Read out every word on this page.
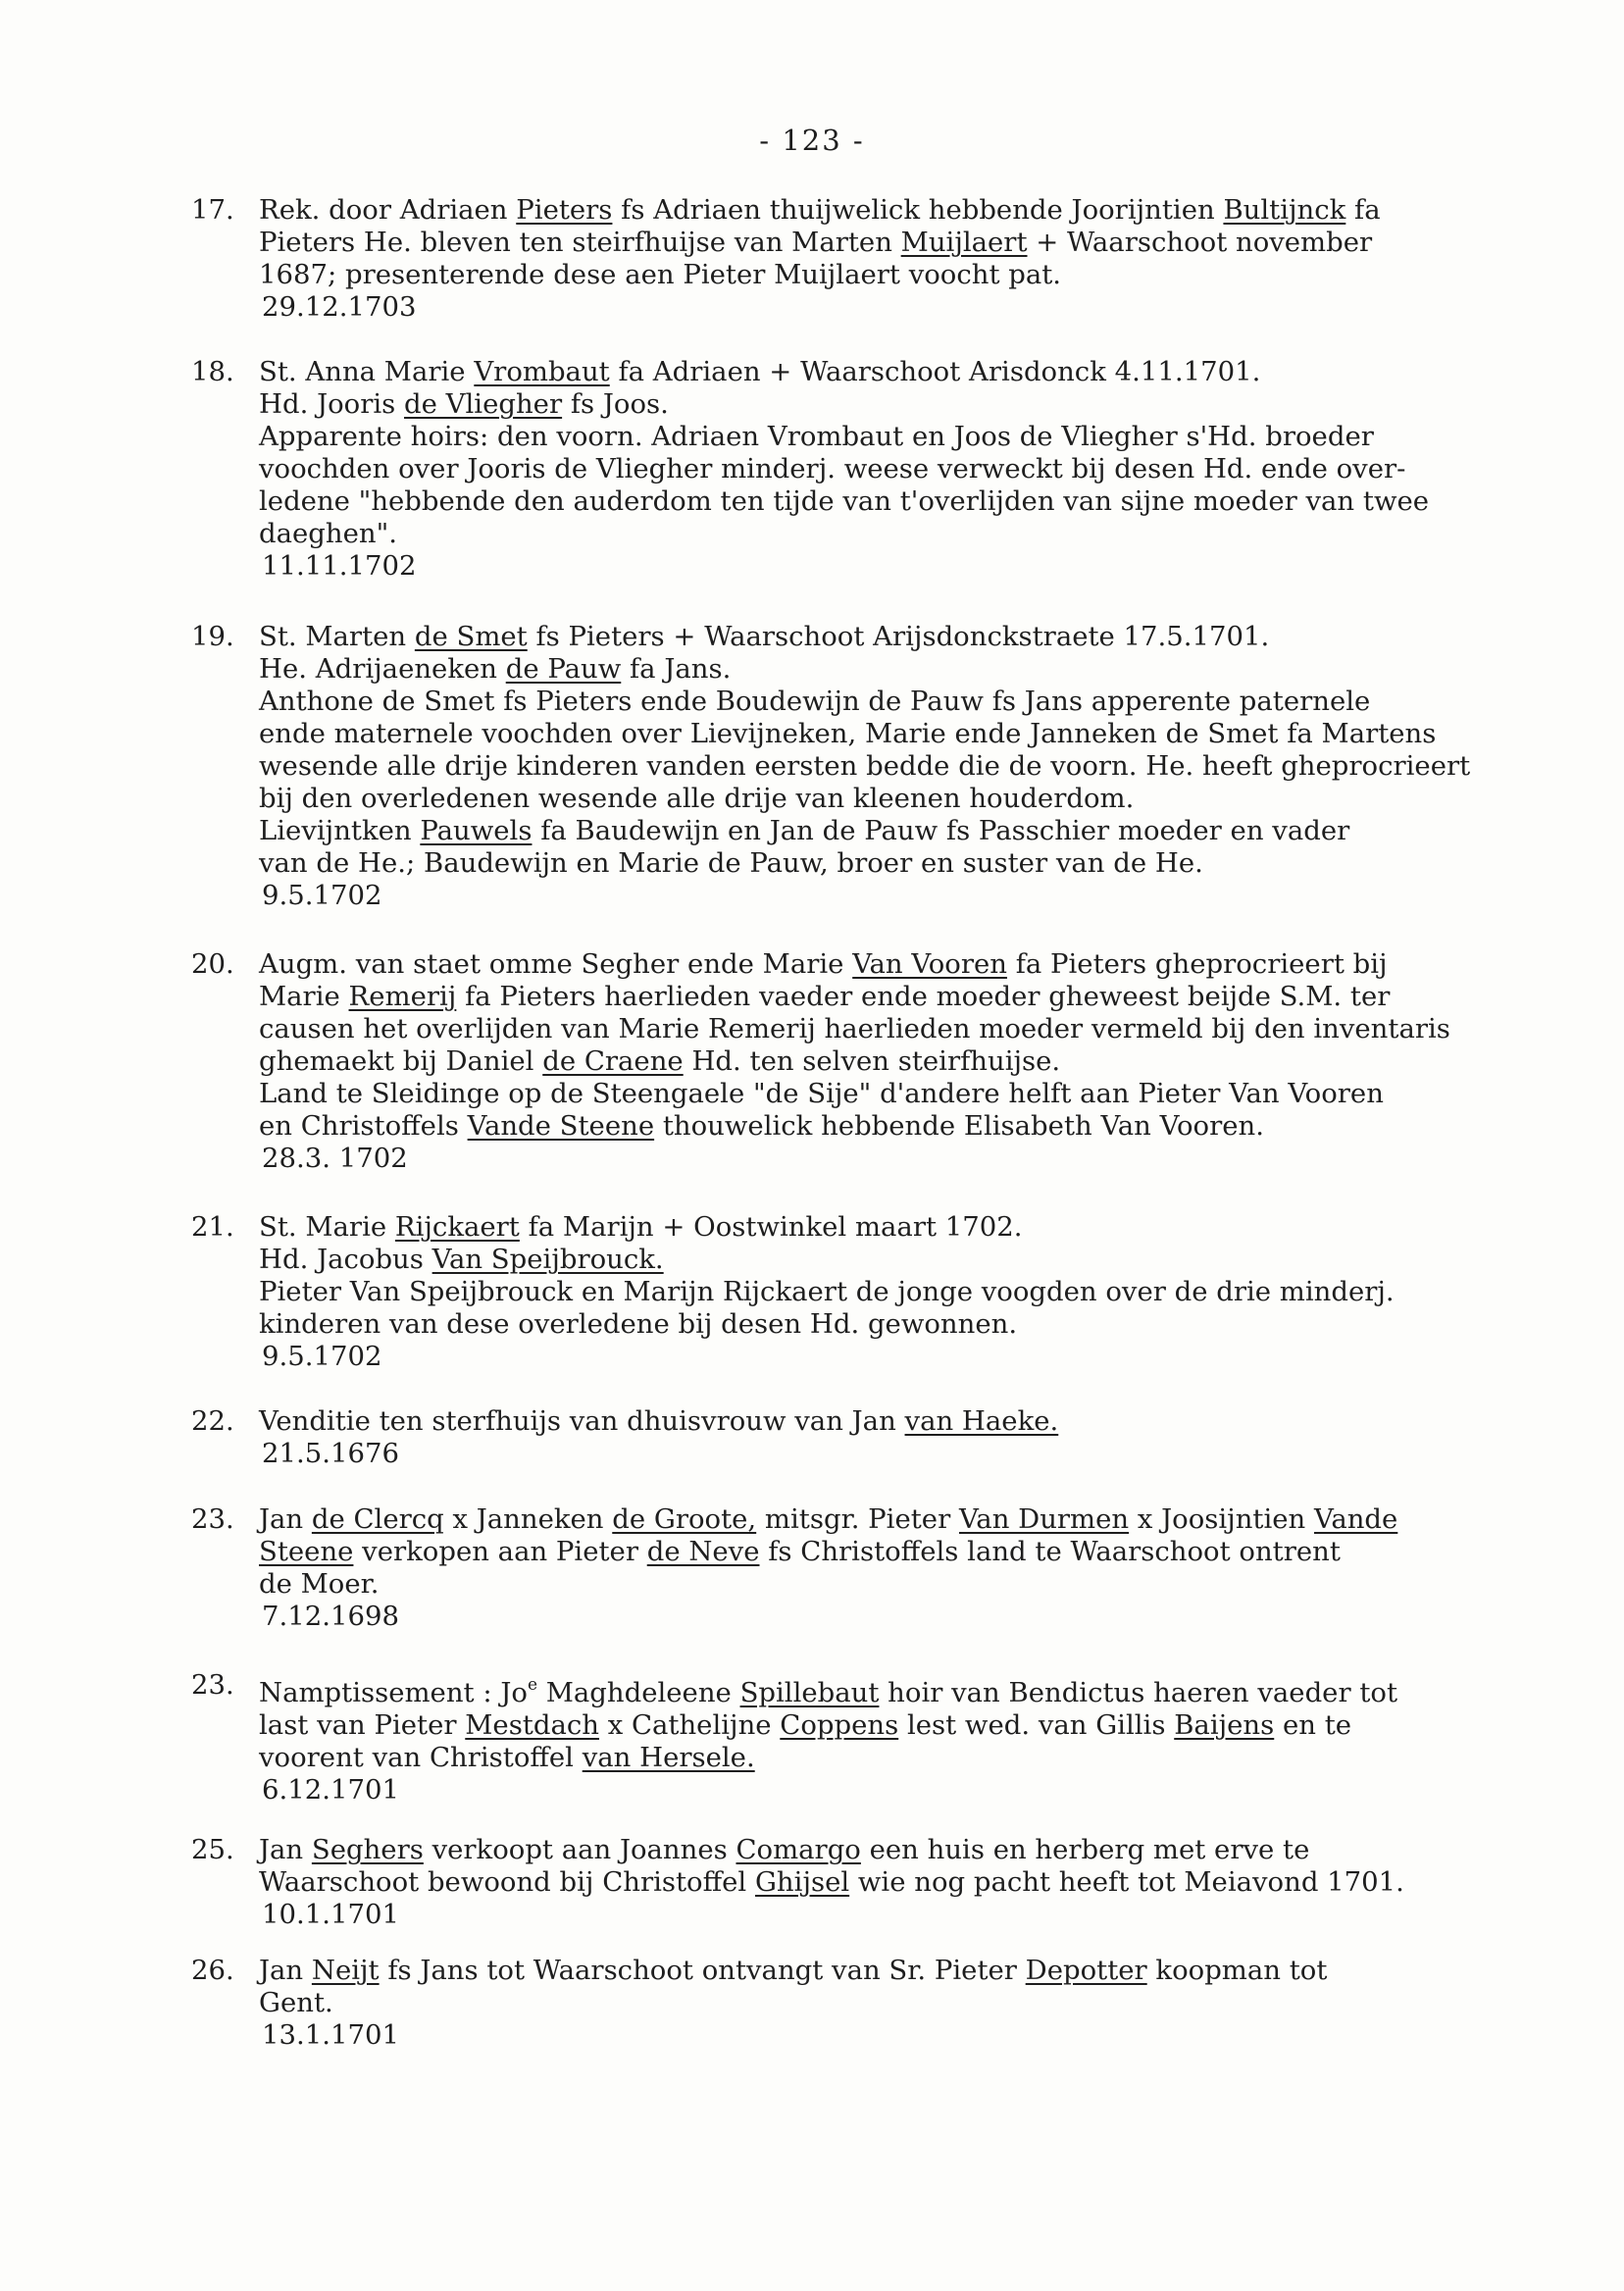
- 123 -
17. Rek. door Adriaen Pieters fs Adriaen thuijwelick hebbende Joorijntien Bultijnck fa
Pieters He. bleven ten steirfhuijse van Marten Muijlaert + Waarschoot november
1687; presenterende dese aen Pieter Muijlaert voocht pat.
29.12.1703
18. St. Anna Marie Vrombaut fa Adriaen + Waarschoot Arisdonck 4.11.1701.
Hd. Jooris de Vliegher fs Joos.
Apparente hoirs: den voorn. Adriaen Vrombaut en Joos de Vliegher s'Hd. broeder
voochden over Jooris de Vliegher minderj. weese verweckt bij desen Hd. ende over-
ledene "hebbende den auderdom ten tijde van t'overlijden van sijne moeder van twee
daeghen".
11.11.1702
19. St. Marten de Smet fs Pieters + Waarschoot Arijsdonckstraete 17.5.1701.
He. Adrijaeneken de Pauw fa Jans.
Anthone de Smet fs Pieters ende Boudewijn de Pauw fs Jans apperente paternele
ende maternele voochden over Lievijneken, Marie ende Janneken de Smet fa Martens
wesende alle drije kinderen vanden eersten bedde die de voorn. He. heeft gheprocrieert
bij den overledenen wesende alle drije van kleenen houderdom.
Lievijntken Pauwels fa Baudewijn en Jan de Pauw fs Passchier moeder en vader
van de He.; Baudewijn en Marie de Pauw, broer en suster van de He.
9.5.1702
20. Augm. van staet omme Segher ende Marie Van Vooren fa Pieters gheprocrieert bij
Marie Remerij fa Pieters haerlieden vaeder ende moeder gheweest beijde S.M. ter
causen het overlijden van Marie Remerij haerlieden moeder vermeld bij den inventaris
ghemaekt bij Daniel de Craene Hd. ten selven steirfhuijse.
Land te Sleidinge op de Steengaele "de Sije" d'andere helft aan Pieter Van Vooren
en Christoffels Vande Steene thouwelick hebbende Elisabeth Van Vooren.
28.3. 1702
21. St. Marie Rijckaert fa Marijn + Oostwinkel maart 1702.
Hd. Jacobus Van Speijbrouck.
Pieter Van Speijbrouck en Marijn Rijckaert de jonge voogden over de drie minderj.
kinderen van dese overledene bij desen Hd. gewonnen.
9.5.1702
22. Venditie ten sterfhuijs van dhuisvrouw van Jan van Haeke.
21.5.1676
23. Jan de Clercq x Janneken de Groote, mitsgr. Pieter Van Durmen x Joosijntien Vande
Steene verkopen aan Pieter de Neve fs Christoffels land te Waarschoot ontrent
de Moer.
7.12.1698
23. Namptissement : Jo$^e$ Maghdeleene Spillebaut hoir van Bendictus haeren vaeder tot
last van Pieter Mestdach x Cathelijne Coppens lest wed. van Gillis Baijens en te
voorent van Christoffel van Hersele.
6.12.1701
25. Jan Seghers verkoopt aan Joannes Comargo een huis en herberg met erve te
Waarschoot bewoond bij Christoffel Ghijsel wie nog pacht heeft tot Meiavond 1701.
10.1.1701
26. Jan Neijt fs Jans tot Waarschoot ontvangt van Sr. Pieter Depotter koopman tot
Gent.
13.1.1701
